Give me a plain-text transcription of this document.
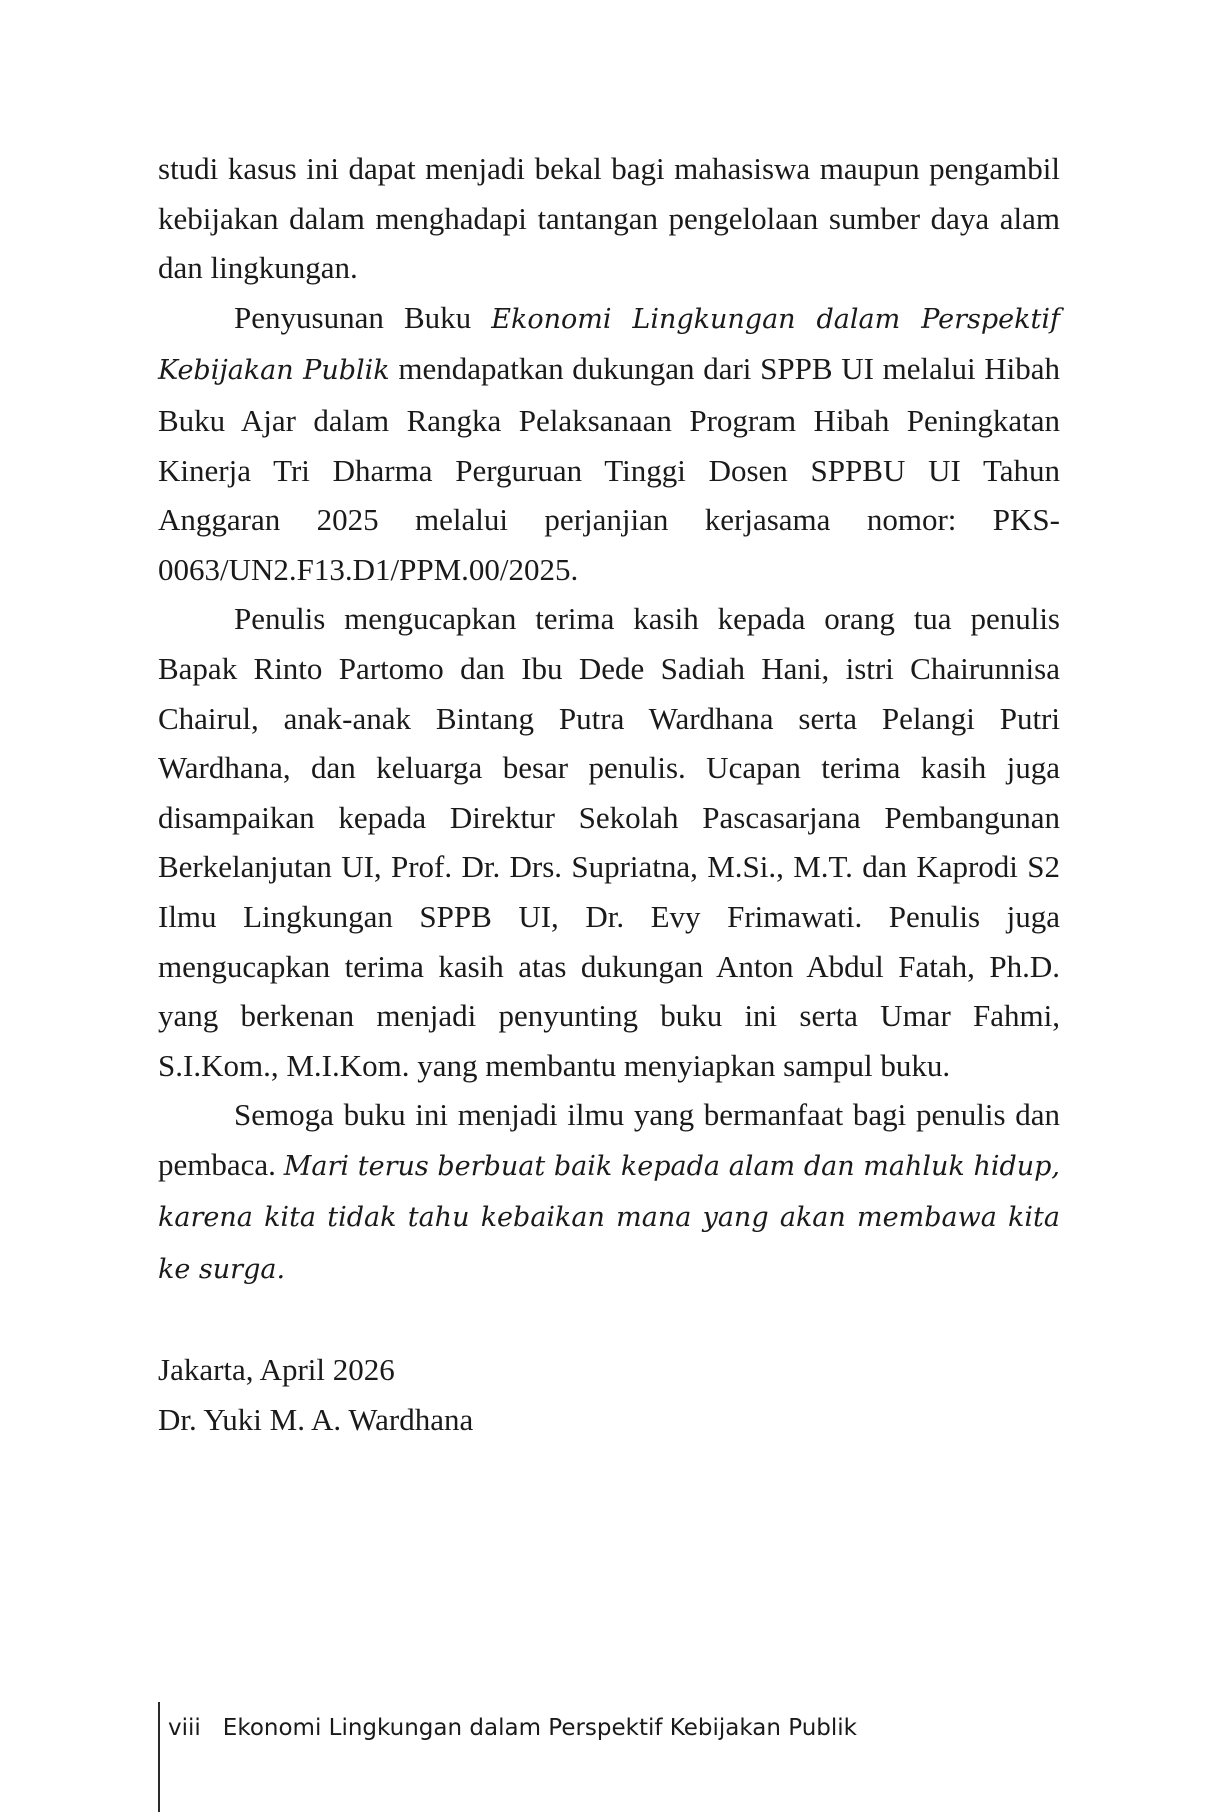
studi kasus ini dapat menjadi bekal bagi mahasiswa maupun pengambil kebijakan dalam menghadapi tantangan pengelolaan sumber daya alam dan lingkungan.

Penyusunan Buku Ekonomi Lingkungan dalam Perspektif Kebijakan Publik mendapatkan dukungan dari SPPB UI melalui Hibah Buku Ajar dalam Rangka Pelaksanaan Program Hibah Peningkatan Kinerja Tri Dharma Perguruan Tinggi Dosen SPPBU UI Tahun Anggaran 2025 melalui perjanjian kerjasama nomor: PKS-0063/UN2.F13.D1/PPM.00/2025.

Penulis mengucapkan terima kasih kepada orang tua penulis Bapak Rinto Partomo dan Ibu Dede Sadiah Hani, istri Chairunnisa Chairul, anak-anak Bintang Putra Wardhana serta Pelangi Putri Wardhana, dan keluarga besar penulis. Ucapan terima kasih juga disampaikan kepada Direktur Sekolah Pascasarjana Pembangunan Berkelanjutan UI, Prof. Dr. Drs. Supriatna, M.Si., M.T. dan Kaprodi S2 Ilmu Lingkungan SPPB UI, Dr. Evy Frimawati. Penulis juga mengucapkan terima kasih atas dukungan Anton Abdul Fatah, Ph.D. yang berkenan menjadi penyunting buku ini serta Umar Fahmi, S.I.Kom., M.I.Kom. yang membantu menyiapkan sampul buku.

Semoga buku ini menjadi ilmu yang bermanfaat bagi penulis dan pembaca. Mari terus berbuat baik kepada alam dan mahluk hidup, karena kita tidak tahu kebaikan mana yang akan membawa kita ke surga.

Jakarta, April 2026
Dr. Yuki M. A. Wardhana
viii Ekonomi Lingkungan dalam Perspektif Kebijakan Publik
